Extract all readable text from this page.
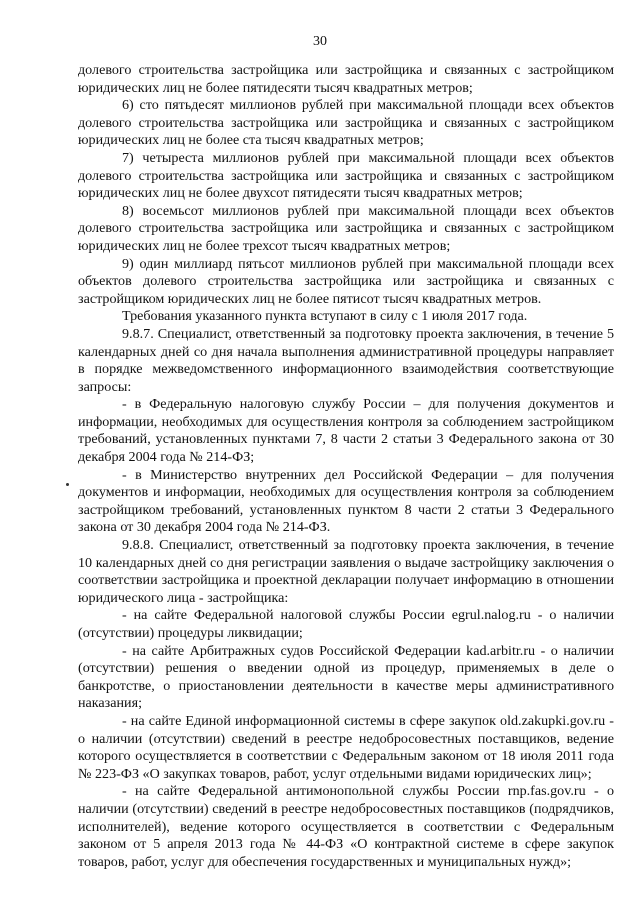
30

долевого строительства застройщика или застройщика и связанных с застройщиком юридических лиц не более пятидесяти тысяч квадратных метров;

6) сто пятьдесят миллионов рублей при максимальной площади всех объектов долевого строительства застройщика или застройщика и связанных с застройщиком юридических лиц не более ста тысяч квадратных метров;

7) четыреста миллионов рублей при максимальной площади всех объектов долевого строительства застройщика или застройщика и связанных с застройщиком юридических лиц не более двухсот пятидесяти тысяч квадратных метров;

8) восемьсот миллионов рублей при максимальной площади всех объектов долевого строительства застройщика или застройщика и связанных с застройщиком юридических лиц не более трехсот тысяч квадратных метров;

9) один миллиард пятьсот миллионов рублей при максимальной площади всех объектов долевого строительства застройщика или застройщика и связанных с застройщиком юридических лиц не более пятисот тысяч квадратных метров.

Требования указанного пункта вступают в силу с 1 июля 2017 года.

9.8.7. Специалист, ответственный за подготовку проекта заключения, в течение 5 календарных дней со дня начала выполнения административной процедуры направляет в порядке межведомственного информационного взаимодействия соответствующие запросы:

- в Федеральную налоговую службу России – для получения документов и информации, необходимых для осуществления контроля за соблюдением застройщиком требований, установленных пунктами 7, 8 части 2 статьи 3 Федерального закона от 30 декабря 2004 года № 214-ФЗ;

- в Министерство внутренних дел Российской Федерации – для получения документов и информации, необходимых для осуществления контроля за соблюдением застройщиком требований, установленных пунктом 8 части 2 статьи 3 Федерального закона от 30 декабря 2004 года № 214-ФЗ.

9.8.8. Специалист, ответственный за подготовку проекта заключения, в течение 10 календарных дней со дня регистрации заявления о выдаче застройщику заключения о соответствии застройщика и проектной декларации получает информацию в отношении юридического лица - застройщика:

- на сайте Федеральной налоговой службы России egrul.nalog.ru - о наличии (отсутствии) процедуры ликвидации;

- на сайте Арбитражных судов Российской Федерации kad.arbitr.ru - о наличии (отсутствии) решения о введении одной из процедур, применяемых в деле о банкротстве, о приостановлении деятельности в качестве меры административного наказания;

- на сайте Единой информационной системы в сфере закупок old.zakupki.gov.ru - о наличии (отсутствии) сведений в реестре недобросовестных поставщиков, ведение которого осуществляется в соответствии с Федеральным законом от 18 июля 2011 года № 223-ФЗ «О закупках товаров, работ, услуг отдельными видами юридических лиц»;

- на сайте Федеральной антимонопольной службы России rnp.fas.gov.ru - о наличии (отсутствии) сведений в реестре недобросовестных поставщиков (подрядчиков, исполнителей), ведение которого осуществляется в соответствии с Федеральным законом от 5 апреля 2013 года № 44-ФЗ «О контрактной системе в сфере закупок товаров, работ, услуг для обеспечения государственных и муниципальных нужд»;
